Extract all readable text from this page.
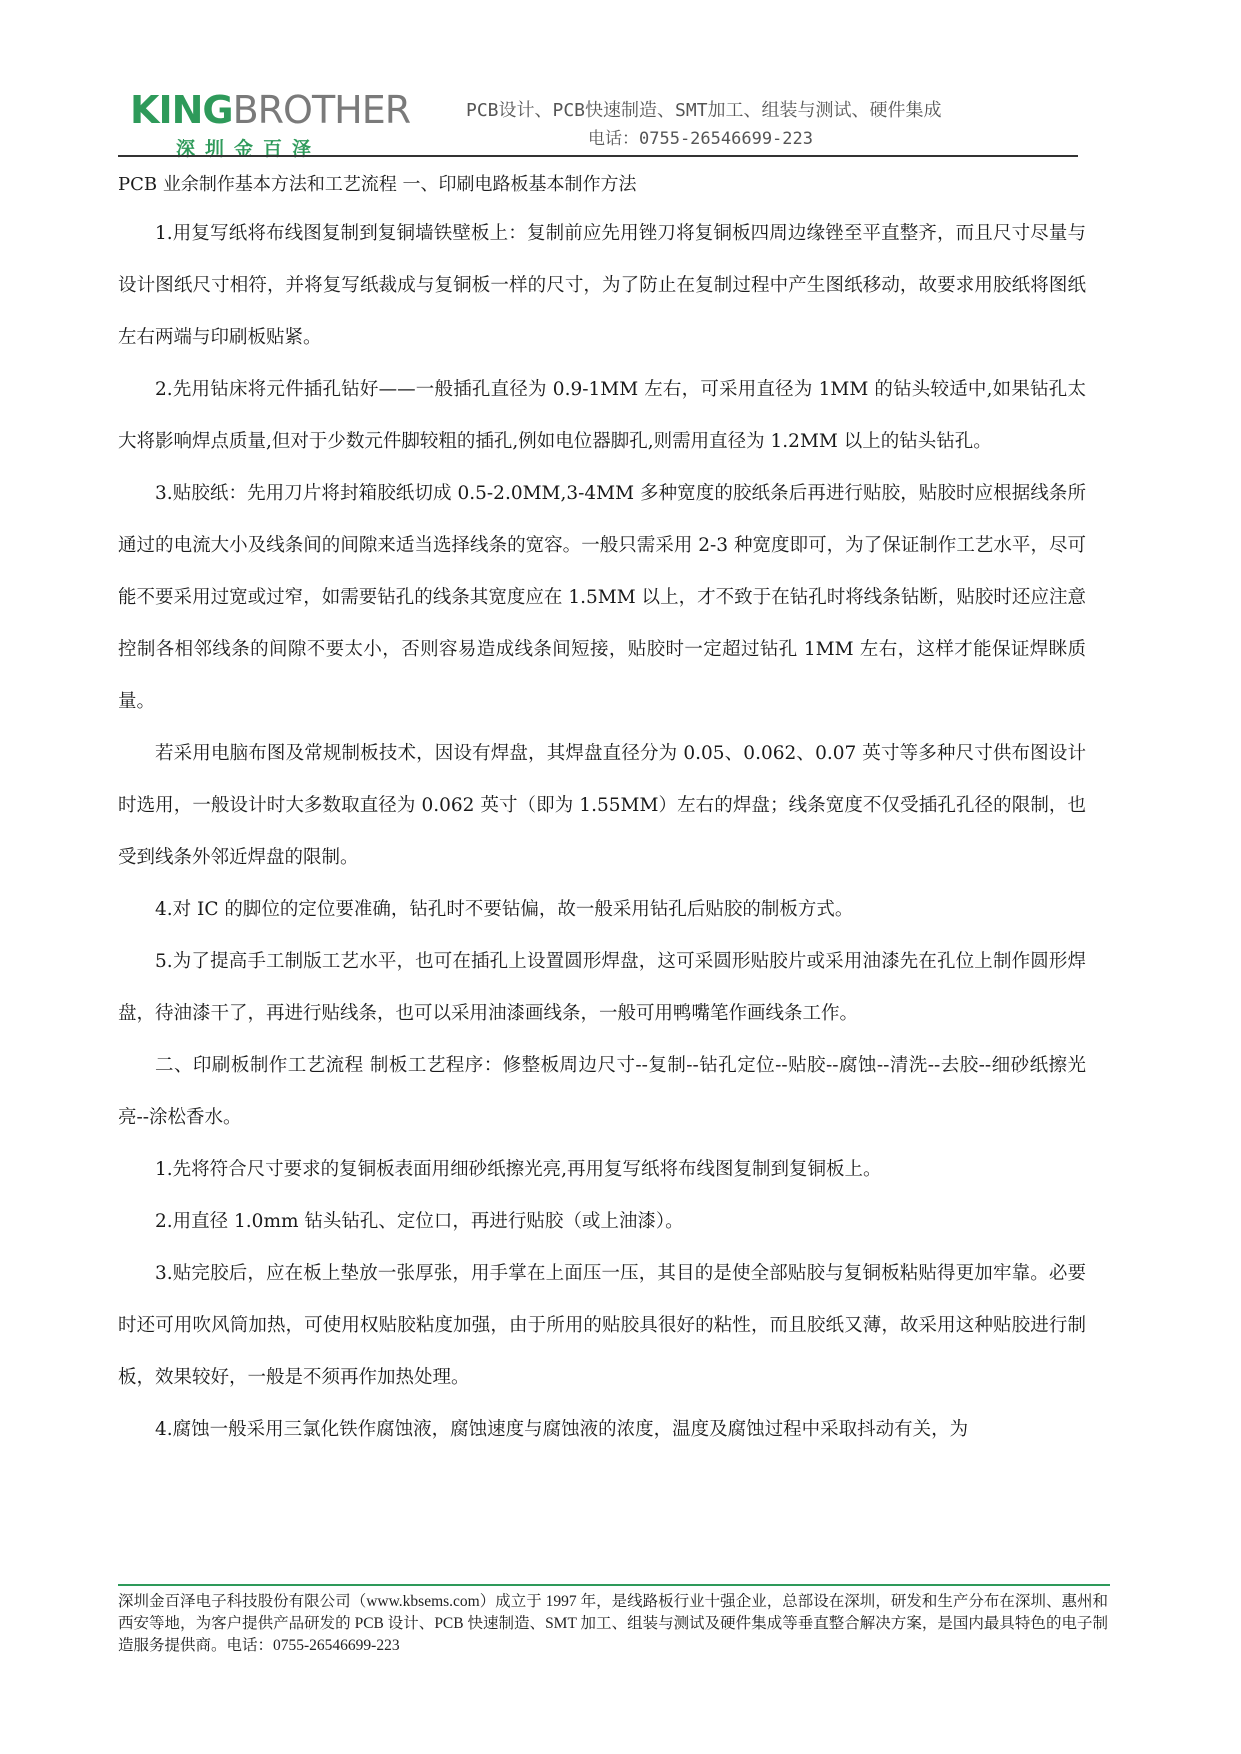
KINGBROTHER
深圳金百泽
PCB设计、PCB快速制造、SMT加工、组装与测试、硬件集成
电话：0755-26546699-223
PCB 业余制作基本方法和工艺流程 一、印刷电路板基本制作方法

1.用复写纸将布线图复制到复铜墙铁壁板上：复制前应先用锉刀将复铜板四周边缘锉至平直整齐，而且尺寸尽量与设计图纸尺寸相符，并将复写纸裁成与复铜板一样的尺寸，为了防止在复制过程中产生图纸移动，故要求用胶纸将图纸左右两端与印刷板贴紧。

2.先用钻床将元件插孔钻好——一般插孔直径为 0.9-1MM 左右，可采用直径为 1MM 的钻头较适中,如果钻孔太大将影响焊点质量,但对于少数元件脚较粗的插孔,例如电位器脚孔,则需用直径为 1.2MM 以上的钻头钻孔。

3.贴胶纸：先用刀片将封箱胶纸切成 0.5-2.0MM,3-4MM 多种宽度的胶纸条后再进行贴胶，贴胶时应根据线条所通过的电流大小及线条间的间隙来适当选择线条的宽容。一般只需采用 2-3 种宽度即可，为了保证制作工艺水平，尽可能不要采用过宽或过窄，如需要钻孔的线条其宽度应在 1.5MM 以上，才不致于在钻孔时将线条钻断，贴胶时还应注意控制各相邻线条的间隙不要太小，否则容易造成线条间短接，贴胶时一定超过钻孔 1MM 左右，这样才能保证焊眯质量。

若采用电脑布图及常规制板技术，因设有焊盘，其焊盘直径分为 0.05、0.062、0.07 英寸等多种尺寸供布图设计时选用，一般设计时大多数取直径为 0.062 英寸（即为 1.55MM）左右的焊盘；线条宽度不仅受插孔孔径的限制，也受到线条外邻近焊盘的限制。

4.对 IC 的脚位的定位要准确，钻孔时不要钻偏，故一般采用钻孔后贴胶的制板方式。

5.为了提高手工制版工艺水平，也可在插孔上设置圆形焊盘，这可采圆形贴胶片或采用油漆先在孔位上制作圆形焊盘，待油漆干了，再进行贴线条，也可以采用油漆画线条，一般可用鸭嘴笔作画线条工作。

二、印刷板制作工艺流程 制板工艺程序：修整板周边尺寸--复制--钻孔定位--贴胶--腐蚀--清洗--去胶--细砂纸擦光亮--涂松香水。

1.先将符合尺寸要求的复铜板表面用细砂纸擦光亮,再用复写纸将布线图复制到复铜板上。

2.用直径 1.0mm 钻头钻孔、定位口，再进行贴胶（或上油漆）。

3.贴完胶后，应在板上垫放一张厚张，用手掌在上面压一压，其目的是使全部贴胶与复铜板粘贴得更加牢靠。必要时还可用吹风筒加热，可使用权贴胶粘度加强，由于所用的贴胶具很好的粘性，而且胶纸又薄，故采用这种贴胶进行制板，效果较好，一般是不须再作加热处理。

4.腐蚀一般采用三氯化铁作腐蚀液，腐蚀速度与腐蚀液的浓度，温度及腐蚀过程中采取抖动有关，为

深圳金百泽电子科技股份有限公司（www.kbsems.com）成立于 1997 年，是线路板行业十强企业，总部设在深圳，研发和生产分布在深圳、惠州和西安等地，为客户提供产品研发的 PCB 设计、PCB 快速制造、SMT 加工、组装与测试及硬件集成等垂直整合解决方案，是国内最具特色的电子制造服务提供商。电话：0755-26546699-223
